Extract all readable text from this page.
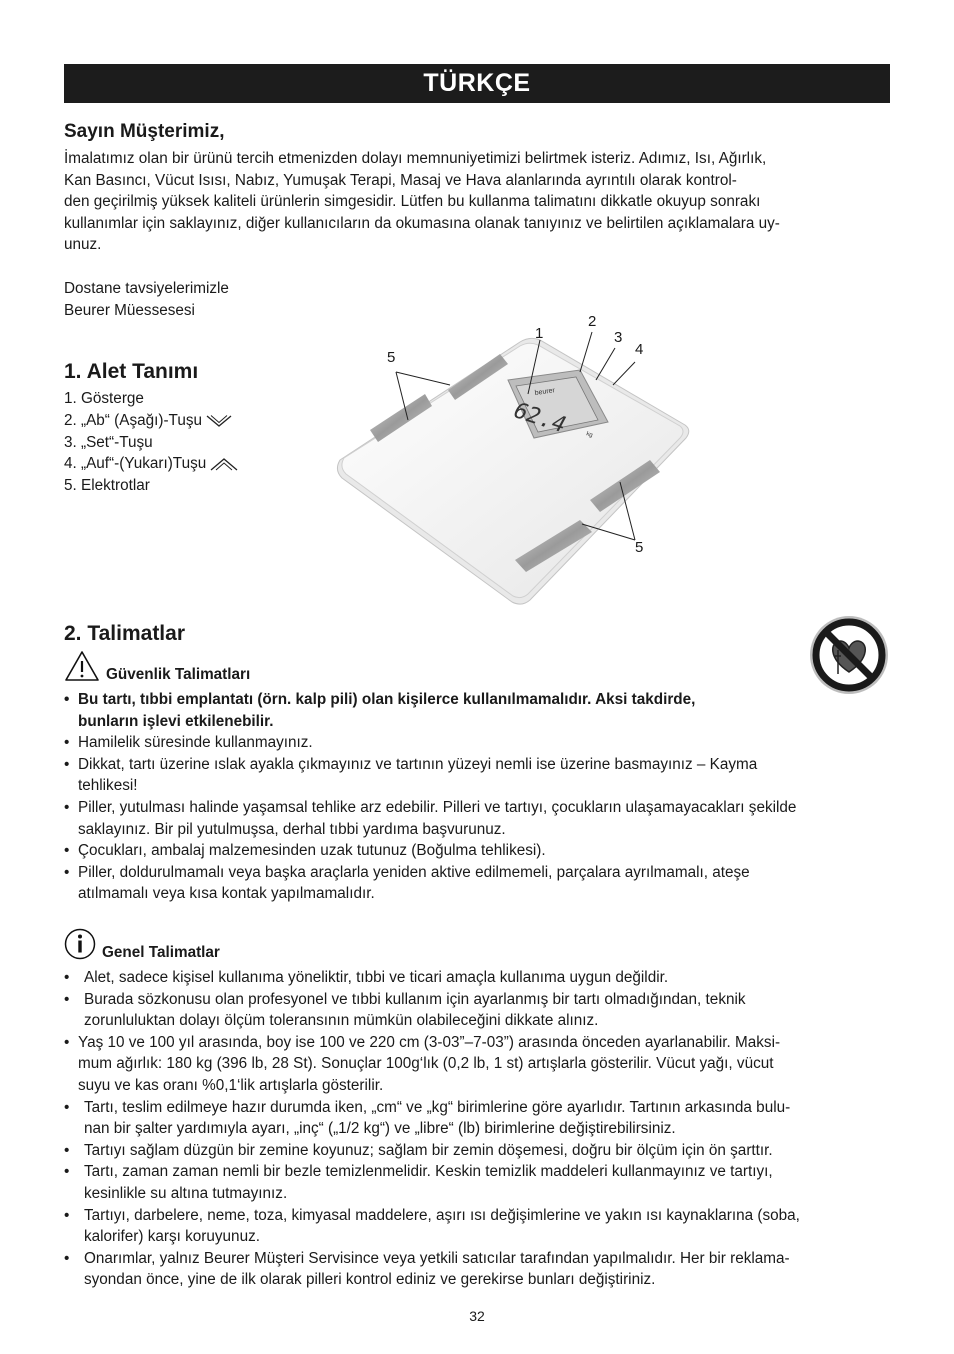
TÜRKÇE
Sayın Müşterimiz,

İmalatımız olan bir ürünü tercih etmenizden dolayı memnuniyetimizi belirtmek isteriz. Adımız, Isı, Ağırlık,

Kan Basıncı, Vücut Isısı, Nabız, Yumuşak Terapi, Masaj ve Hava alanlarında ayrıntılı olarak kontrol-

den geçirilmiş yüksek kaliteli ürünlerin simgesidir. Lütfen bu kullanma talimatını dikkatle okuyup sonrakı

kullanımlar için saklayınız, diğer kullanıcıların da okumasına olanak tanıyınız ve belirtilen açıklamalara uy-

unuz.

Dostane tavsiyelerimizle

Beurer Müessesesi

1. Alet Tanımı
1. Gösterge
2. „Ab“ (Aşağı)-Tuşu
3. „Set“-Tuşu
4. „Auf“-(Yukarı)Tuşu
5. Elektrotlar
beurer
62.4 kg
1
2
3
4
5
5
2. Talimatlar
Güvenlik Talimatları
• Bu tartı, tıbbi emplantatı (örn. kalp pili) olan kişilerce kullanılmamalıdır. Aksi takdirde,
bunların işlevi etkilenebilir.
• Hamilelik süresinde kullanmayınız.
• Dikkat, tartı üzerine ıslak ayakla çıkmayınız ve tartının yüzeyi nemli ise üzerine basmayınız – Kayma
tehlikesi!
• Piller, yutulması halinde yaşamsal tehlike arz edebilir. Pilleri ve tartıyı, çocukların ulaşamayacakları şekilde
saklayınız. Bir pil yutulmuşsa, derhal tıbbi yardıma başvurunuz.
• Çocukları, ambalaj malzemesinden uzak tutunuz (Boğulma tehlikesi).
• Piller, doldurulmamalı veya başka araçlarla yeniden aktive edilmemeli, parçalara ayrılmamalı, ateşe
atılmamalı veya kısa kontak yapılmamalıdır.
Genel Talimatlar
• Alet, sadece kişisel kullanıma yöneliktir, tıbbi ve ticari amaçla kullanıma uygun değildir.
• Burada sözkonusu olan profesyonel ve tıbbi kullanım için ayarlanmış bir tartı olmadığından, teknik
zorunluluktan dolayı ölçüm toleransının mümkün olabileceğini dikkate alınız.
• Yaş 10 ve 100 yıl arasında, boy ise 100 ve 220 cm (3-03”–7-03”) arasında önceden ayarlanabilir. Maksi-
mum ağırlık: 180 kg (396 lb, 28 St). Sonuçlar 100g‘lık (0,2 lb, 1 st) artışlarla gösterilir. Vücut yağı, vücut
suyu ve kas oranı %0,1‘lik artışlarla gösterilir.
• Tartı, teslim edilmeye hazır durumda iken, „cm“ ve „kg“ birimlerine göre ayarlıdır. Tartının arkasında bulu-
nan bir şalter yardımıyla ayarı, „inç“ („1/2 kg“) ve „libre“ (lb) birimlerine değiştirebilirsiniz.
• Tartıyı sağlam düzgün bir zemine koyunuz; sağlam bir zemin döşemesi, doğru bir ölçüm için ön şarttır.
• Tartı, zaman zaman nemli bir bezle temizlenmelidir. Keskin temizlik maddeleri kullanmayınız ve tartıyı,
kesinlikle su altına tutmayınız.
• Tartıyı, darbelere, neme, toza, kimyasal maddelere, aşırı ısı değişimlerine ve yakın ısı kaynaklarına (soba,
kalorifer) karşı koruyunuz.
• Onarımlar, yalnız Beurer Müşteri Servisince veya yetkili satıcılar tarafından yapılmalıdır. Her bir reklama-
syondan önce, yine de ilk olarak pilleri kontrol ediniz ve gerekirse bunları değiştiriniz.
32
